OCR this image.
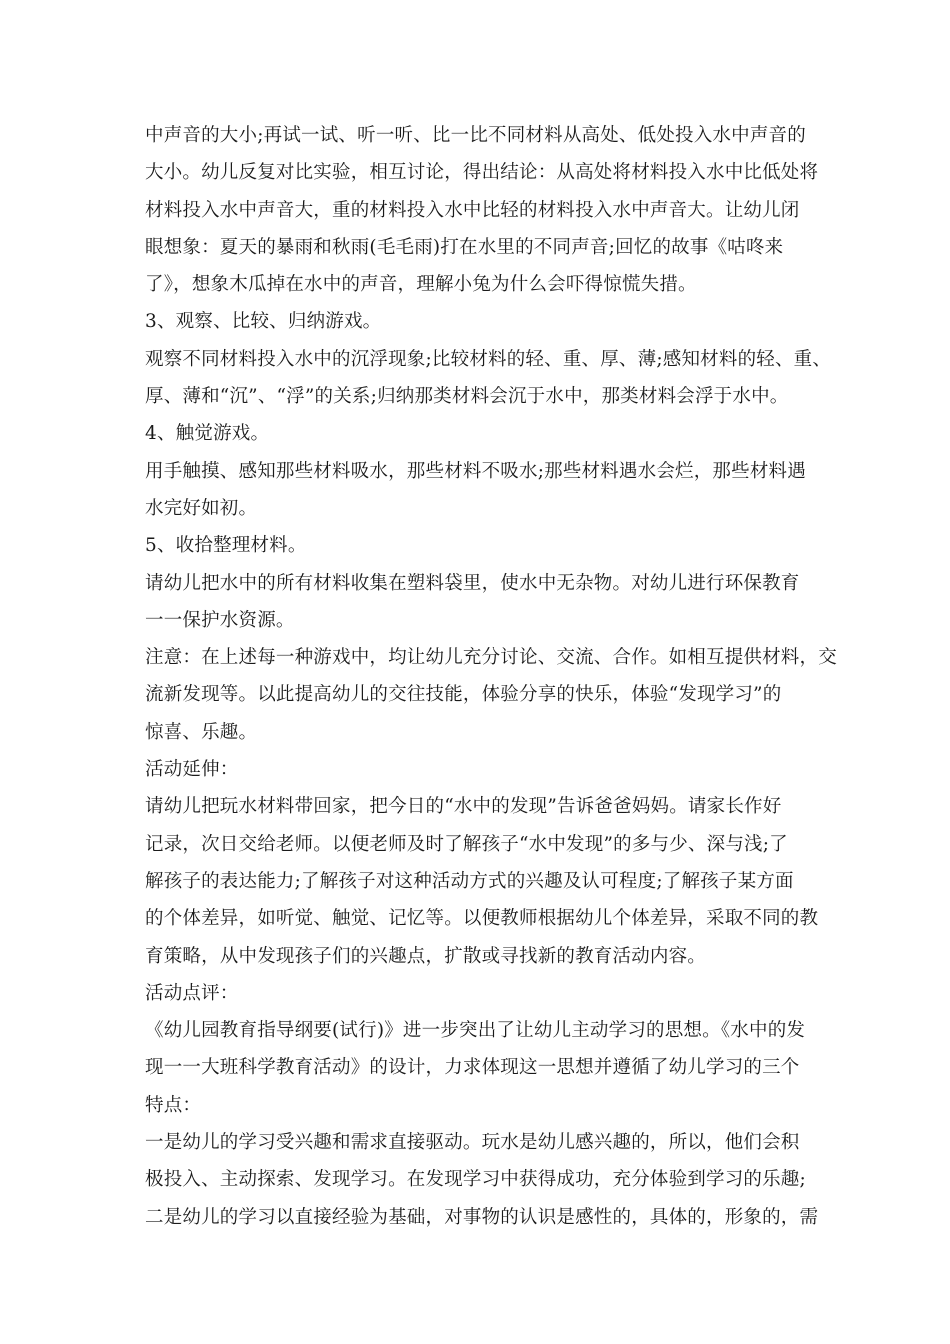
中声音的大小;再试一试、听一听、比一比不同材料从高处、低处投入水中声音的
大小。幼儿反复对比实验，相互讨论，得出结论：从高处将材料投入水中比低处将
材料投入水中声音大，重的材料投入水中比轻的材料投入水中声音大。让幼儿闭
眼想象：夏天的暴雨和秋雨(毛毛雨)打在水里的不同声音;回忆的故事《咕咚来
了》，想象木瓜掉在水中的声音，理解小兔为什么会吓得惊慌失措。
3、观察、比较、归纳游戏。
观察不同材料投入水中的沉浮现象;比较材料的轻、重、厚、薄;感知材料的轻、重、
厚、薄和“沉”、“浮”的关系;归纳那类材料会沉于水中，那类材料会浮于水中。
4、触觉游戏。
用手触摸、感知那些材料吸水，那些材料不吸水;那些材料遇水会烂，那些材料遇
水完好如初。
5、收拾整理材料。
请幼儿把水中的所有材料收集在塑料袋里，使水中无杂物。对幼儿进行环保教育
一一保护水资源。
注意：在上述每一种游戏中，均让幼儿充分讨论、交流、合作。如相互提供材料，交
流新发现等。以此提高幼儿的交往技能，体验分享的快乐，体验“发现学习”的
惊喜、乐趣。
活动延伸：
请幼儿把玩水材料带回家，把今日的“水中的发现”告诉爸爸妈妈。请家长作好
记录，次日交给老师。以便老师及时了解孩子“水中发现”的多与少、深与浅;了
解孩子的表达能力;了解孩子对这种活动方式的兴趣及认可程度;了解孩子某方面
的个体差异，如听觉、触觉、记忆等。以便教师根据幼儿个体差异，采取不同的教
育策略，从中发现孩子们的兴趣点，扩散或寻找新的教育活动内容。
活动点评：
《幼儿园教育指导纲要(试行)》进一步突出了让幼儿主动学习的思想。《水中的发
现一一大班科学教育活动》的设计，力求体现这一思想并遵循了幼儿学习的三个
特点：
一是幼儿的学习受兴趣和需求直接驱动。玩水是幼儿感兴趣的，所以，他们会积
极投入、主动探索、发现学习。在发现学习中获得成功，充分体验到学习的乐趣;
二是幼儿的学习以直接经验为基础，对事物的认识是感性的，具体的，形象的，需
